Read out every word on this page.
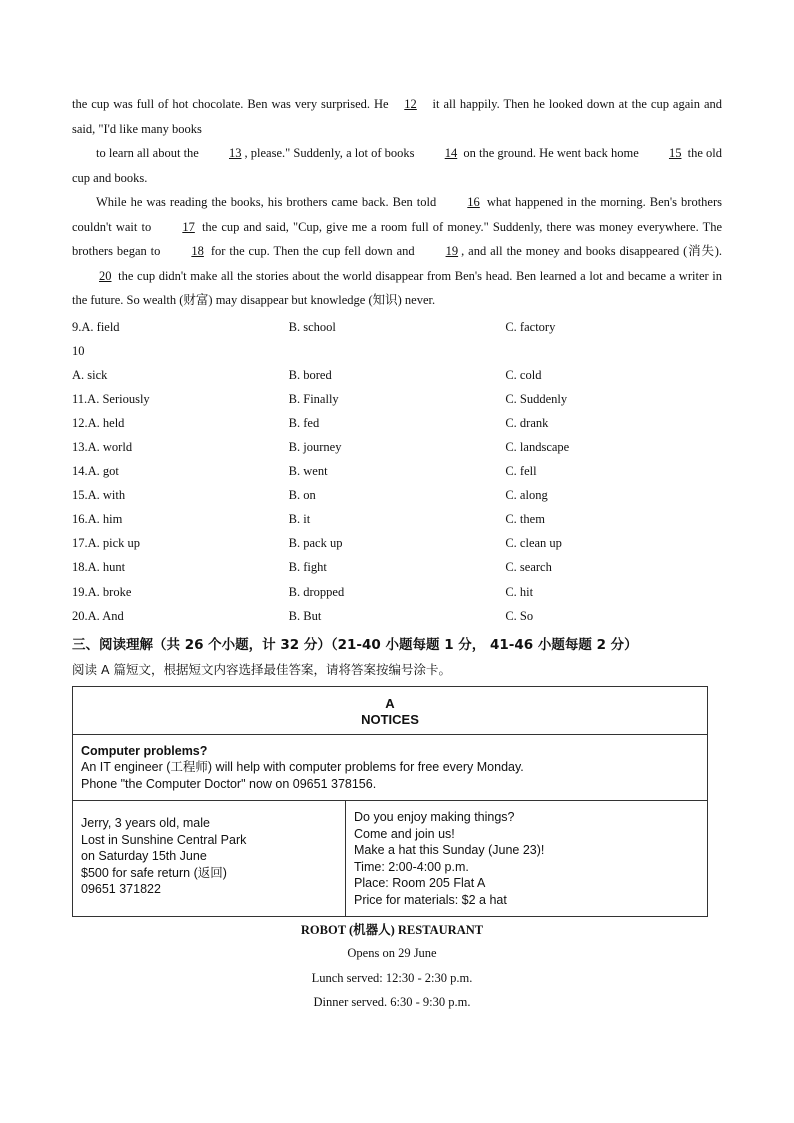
the cup was full of hot chocolate. Ben was very surprised. He 12 it all happily. Then he looked down at the cup again and said, "I'd like many books

to learn all about the 13 , please." Suddenly, a lot of books 14 on the ground. He went back home 15 the old cup and books.

While he was reading the books, his brothers came back. Ben told 16 what happened in the morning. Ben's brothers couldn't wait to 17 the cup and said, "Cup, give me a room full of money." Suddenly, there was money everywhere. The brothers began to 18 for the cup. Then the cup fell down and 19 , and all the money and books disappeared (消失). 20 the cup didn't make all the stories about the world disappear from Ben's head. Ben learned a lot and became a writer in the future. So wealth (财富) may disappear but knowledge (知识) never.

9.A. field	B. school	C. factory
10
A. sick	B. bored	C. cold
11.A. Seriously	B. Finally	C. Suddenly
12.A. held	B. fed	C. drank
13.A. world	B. journey	C. landscape
14.A. got	B. went	C. fell
15.A. with	B. on	C. along
16.A. him	B. it	C. them
17.A. pick up	B. pack up	C. clean up
18.A. hunt	B. fight	C. search
19.A. broke	B. dropped	C. hit
20.A. And	B. But	C. So
三、阅读理解（共 26 个小题，计 32 分）（21-40 小题每题 1 分， 41-46 小题每题 2 分）
阅读 A 篇短文，根据短文内容选择最佳答案，请将答案按编号涂卡。
A
NOTICES

Computer problems?
An IT engineer (工程师) will help with computer problems for free every Monday.
Phone "the Computer Doctor" now on 09651 378156.

Jerry, 3 years old, male
Lost in Sunshine Central Park
on Saturday 15th June
$500 for safe return (返回)
09651 371822

Do you enjoy making things?
Come and join us!
Make a hat this Sunday (June 23)!
Time: 2:00-4:00 p.m.
Place: Room 205 Flat A
Price for materials: $2 a hat
ROBOT (机器人) RESTAURANT
Opens on 29 June
Lunch served: 12:30 - 2:30 p.m.
Dinner served. 6:30 - 9:30 p.m.
